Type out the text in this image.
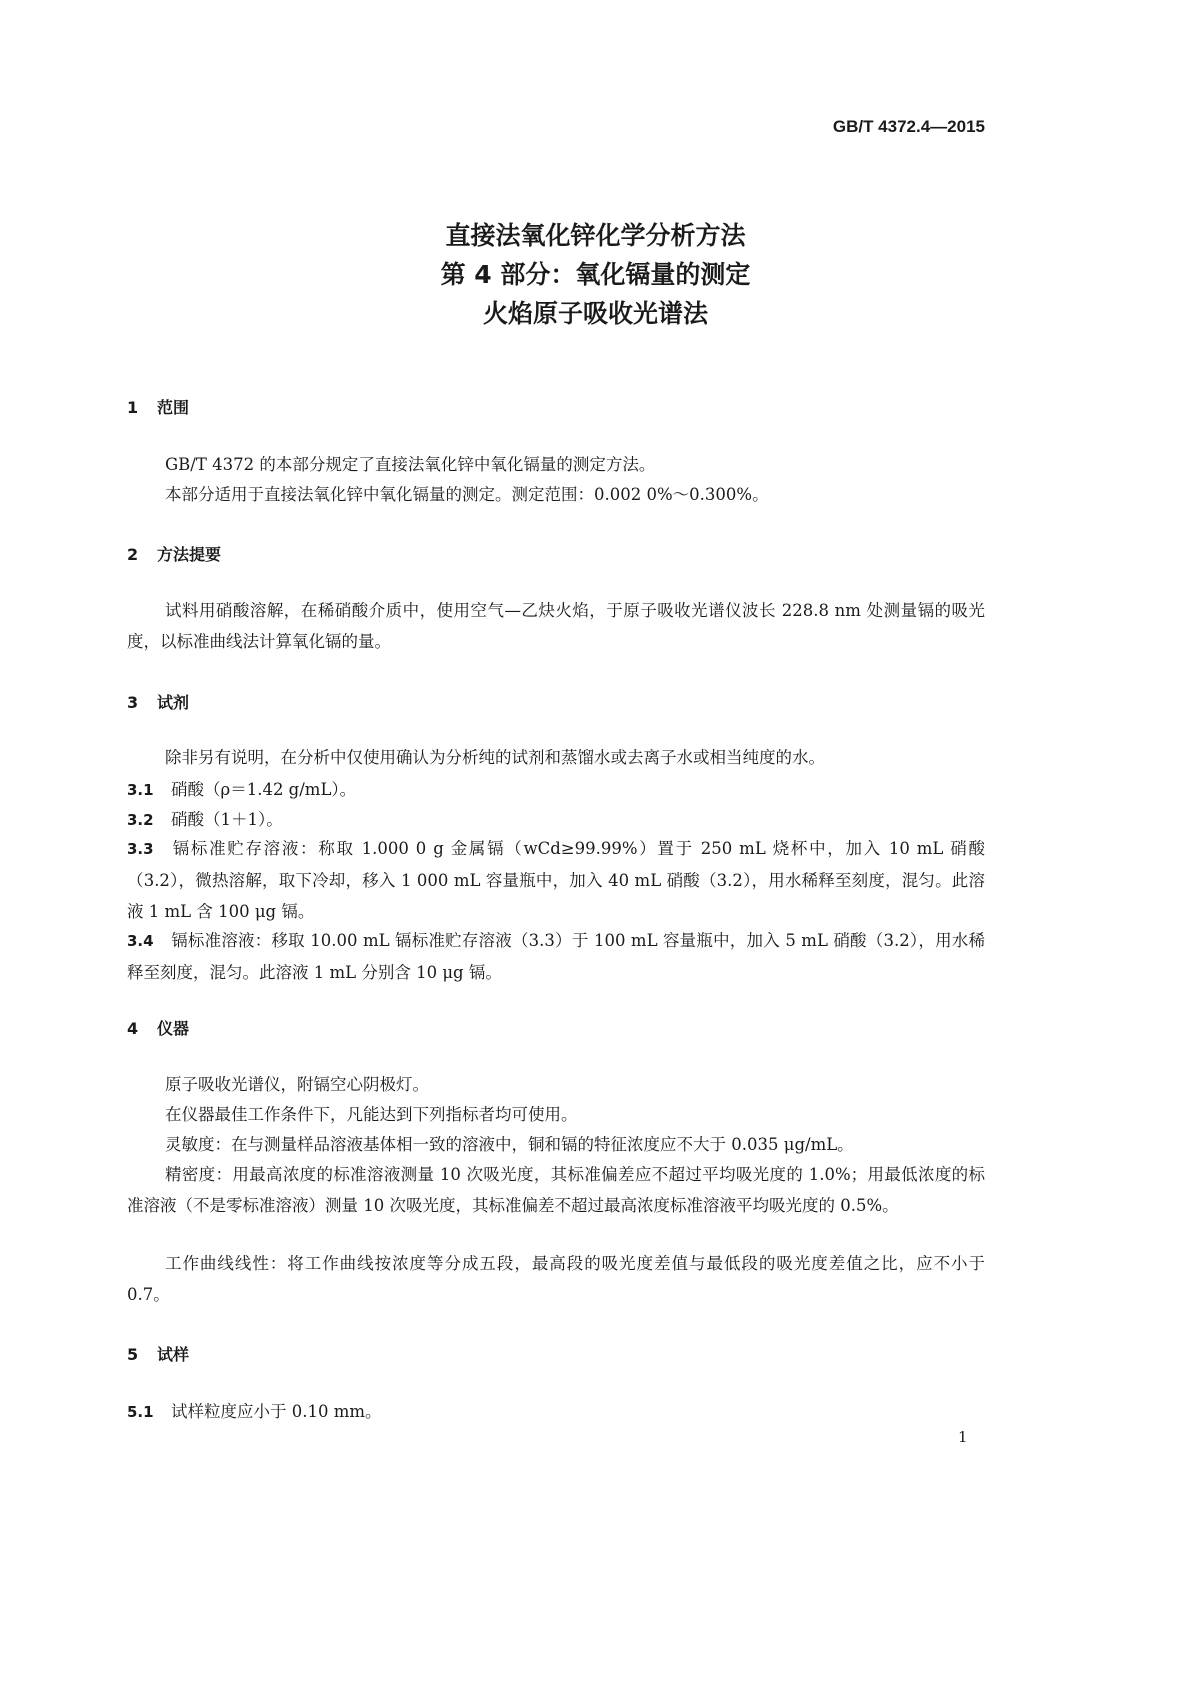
GB/T 4372.4—2015
直接法氧化锌化学分析方法
第 4 部分：氧化镉量的测定
火焰原子吸收光谱法
1 范围
GB/T 4372 的本部分规定了直接法氧化锌中氧化镉量的测定方法。
本部分适用于直接法氧化锌中氧化镉量的测定。测定范围：0.002 0%～0.300%。
2 方法提要
试料用硝酸溶解，在稀硝酸介质中，使用空气—乙炔火焰，于原子吸收光谱仪波长 228.8 nm 处测量镉的吸光度，以标准曲线法计算氧化镉的量。
3 试剂
除非另有说明，在分析中仅使用确认为分析纯的试剂和蒸馏水或去离子水或相当纯度的水。
3.1 硝酸（ρ＝1.42 g/mL）。
3.2 硝酸（1＋1）。
3.3 镉标准贮存溶液：称取 1.000 0 g 金属镉（wCd≥99.99%）置于 250 mL 烧杯中，加入 10 mL 硝酸（3.2），微热溶解，取下冷却，移入 1 000 mL 容量瓶中，加入 40 mL 硝酸（3.2），用水稀释至刻度，混匀。此溶液 1 mL 含 100 μg 镉。
3.4 镉标准溶液：移取 10.00 mL 镉标准贮存溶液（3.3）于 100 mL 容量瓶中，加入 5 mL 硝酸（3.2），用水稀释至刻度，混匀。此溶液 1 mL 分别含 10 μg 镉。
4 仪器
原子吸收光谱仪，附镉空心阴极灯。
在仪器最佳工作条件下，凡能达到下列指标者均可使用。
灵敏度：在与测量样品溶液基体相一致的溶液中，铜和镉的特征浓度应不大于 0.035 μg/mL。
精密度：用最高浓度的标准溶液测量 10 次吸光度，其标准偏差应不超过平均吸光度的 1.0%；用最低浓度的标准溶液（不是零标准溶液）测量 10 次吸光度，其标准偏差不超过最高浓度标准溶液平均吸光度的 0.5%。
工作曲线线性：将工作曲线按浓度等分成五段，最高段的吸光度差值与最低段的吸光度差值之比，应不小于 0.7。
5 试样
5.1 试样粒度应小于 0.10 mm。
1
